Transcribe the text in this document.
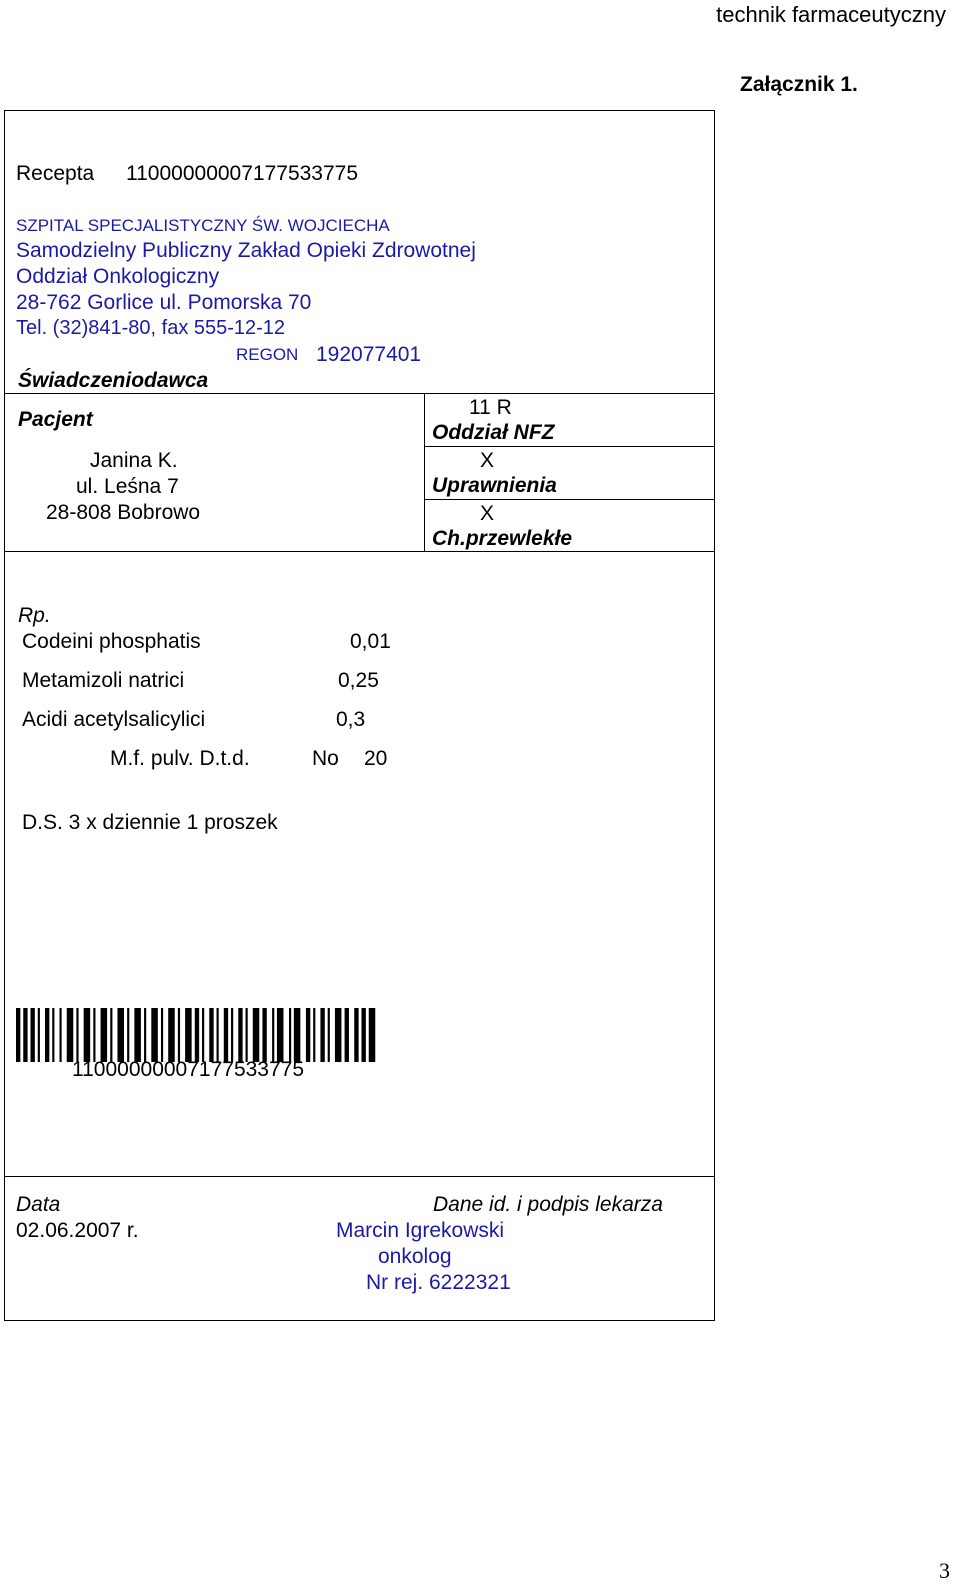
technik farmaceutyczny
Załącznik 1.
Recepta 11000000007177533775
SZPITAL SPECJALISTYCZNY ŚW. WOJCIECHA
Samodzielny Publiczny Zakład Opieki Zdrowotnej
Oddział Onkologiczny
28-762 Gorlice ul. Pomorska 70
Tel. (32)841-80, fax 555-12-12
REGON 192077401
Świadczeniodawca
Pacjent
Janina K.
ul. Leśna 7
28-808 Bobrowo
11 R
Oddział NFZ
X
Uprawnienia
X
Ch.przewlekłe
Rp.
Codeini phosphatis	0,01
Metamizoli natrici	0,25
Acidi acetylsalicylici	0,3
M.f. pulv. D.t.d.	No 20
D.S. 3 x dziennie 1 proszek
11000000007177533775
Data
02.06.2007 r.
Dane id. i podpis lekarza
Marcin Igrekowski
onkolog
Nr rej. 6222321
3
